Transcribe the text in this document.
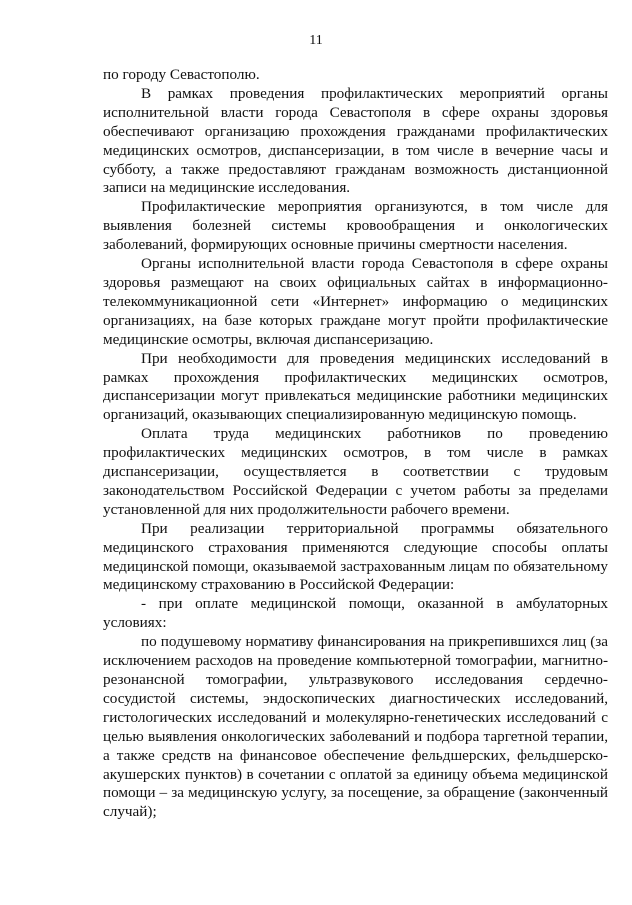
11

по городу Севастополю.

В рамках проведения профилактических мероприятий органы исполнительной власти города Севастополя в сфере охраны здоровья обеспечивают организацию прохождения гражданами профилактических медицинских осмотров, диспансеризации, в том числе в вечерние часы и субботу, а также предоставляют гражданам возможность дистанционной записи на медицинские исследования.

Профилактические мероприятия организуются, в том числе для выявления болезней системы кровообращения и онкологических заболеваний, формирующих основные причины смертности населения.

Органы исполнительной власти города Севастополя в сфере охраны здоровья размещают на своих официальных сайтах в информационно-телекоммуникационной сети «Интернет» информацию о медицинских организациях, на базе которых граждане могут пройти профилактические медицинские осмотры, включая диспансеризацию.

При необходимости для проведения медицинских исследований в рамках прохождения профилактических медицинских осмотров, диспансеризации могут привлекаться медицинские работники медицинских организаций, оказывающих специализированную медицинскую помощь.

Оплата труда медицинских работников по проведению профилактических медицинских осмотров, в том числе в рамках диспансеризации, осуществляется в соответствии с трудовым законодательством Российской Федерации с учетом работы за пределами установленной для них продолжительности рабочего времени.

При реализации территориальной программы обязательного медицинского страхования применяются следующие способы оплаты медицинской помощи, оказываемой застрахованным лицам по обязательному медицинскому страхованию в Российской Федерации:

- при оплате медицинской помощи, оказанной в амбулаторных условиях:

по подушевому нормативу финансирования на прикрепившихся лиц (за исключением расходов на проведение компьютерной томографии, магнитно-резонансной томографии, ультразвукового исследования сердечно-сосудистой системы, эндоскопических диагностических исследований, гистологических исследований и молекулярно-генетических исследований с целью выявления онкологических заболеваний и подбора таргетной терапии, а также средств на финансовое обеспечение фельдшерских, фельдшерско-акушерских пунктов) в сочетании с оплатой за единицу объема медицинской помощи – за медицинскую услугу, за посещение, за обращение (законченный случай);
